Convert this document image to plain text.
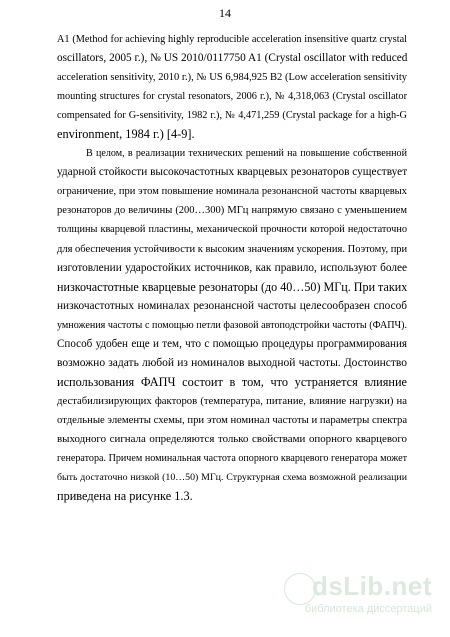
14
A1 (Method for achieving highly reproducible acceleration insensitive quartz crystal
oscillators, 2005 г.), № US 2010/0117750 A1 (Crystal oscillator with reduced
acceleration sensitivity, 2010 г.), № US 6,984,925 B2 (Low acceleration sensitivity
mounting structures for crystal resonators, 2006 г.), № 4,318,063 (Crystal oscillator
compensated for G-sensitivity, 1982 г.), № 4,471,259 (Crystal package for a high-G
environment, 1984 г.) [4-9].
В целом, в реализации технических решений на повышение собственной
ударной стойкости высокочастотных кварцевых резонаторов существует
ограничение, при этом повышение номинала резонансной частоты кварцевых
резонаторов до величины (200…300) МГц напрямую связано с уменьшением
толщины кварцевой пластины, механической прочности которой недостаточно
для обеспечения устойчивости к высоким значениям ускорения. Поэтому, при
изготовлении ударостойких источников, как правило, используют более
низкочастотные кварцевые резонаторы (до 40…50) МГц. При таких
низкочастотных номиналах резонансной частоты целесообразен способ
умножения частоты с помощью петли фазовой автоподстройки частоты (ФАПЧ).
Способ удобен еще и тем, что с помощью процедуры программирования
возможно задать любой из номиналов выходной частоты. Достоинство
использования ФАПЧ состоит в том, что устраняется влияние
дестабилизирующих факторов (температура, питание, влияние нагрузки) на
отдельные элементы схемы, при этом номинал частоты и параметры спектра
выходного сигнала определяются только свойствами опорного кварцевого
генератора. Причем номинальная частота опорного кварцевого генератора может
быть достаточно низкой (10…50) МГц. Структурная схема возможной реализации
приведена на рисунке 1.3.
dsLib.net
библиотека диссертаций
